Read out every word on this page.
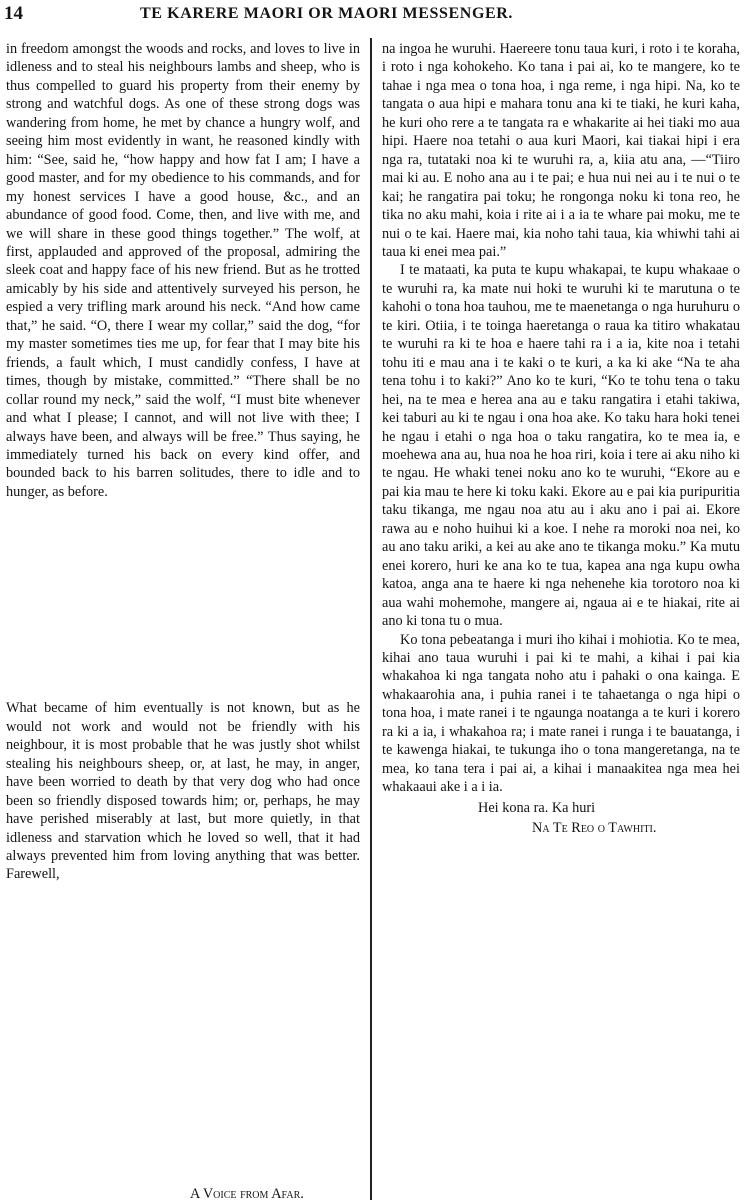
14	TE KARERE MAORI OR MAORI MESSENGER.

in freedom amongst the woods and rocks, and loves to live in idleness and to steal his neighbours lambs and sheep, who is thus compelled to guard his property from their enemy by strong and watchful dogs. As one of these strong dogs was wandering from home, he met by chance a hungry wolf, and seeing him most evidently in want, he reasoned kindly with him: “See, said he, “how happy and how fat I am; I have a good master, and for my obedience to his commands, and for my honest services I have a good house, &c., and an abundance of good food. Come, then, and live with me, and we will share in these good things together.” The wolf, at first, applauded and approved of the proposal, admiring the sleek coat and happy face of his new friend. But as he trotted amicably by his side and attentively surveyed his person, he espied a very trifling mark around his neck. “And how came that,” he said. “O, there I wear my collar,” said the dog, “for my master sometimes ties me up, for fear that I may bite his friends, a fault which, I must candidly confess, I have at times, though by mistake, committed.” “There shall be no collar round my neck,” said the wolf, “I must bite whenever and what I please; I cannot, and will not live with thee; I always have been, and always will be free.” Thus saying, he immediately turned his back on every kind offer, and bounded back to his barren solitudes, there to idle and to hunger, as before.

What became of him eventually is not known, but as he would not work and would not be friendly with his neighbour, it is most probable that he was justly shot whilst stealing his neighbours sheep, or, at last, he may, in anger, have been worried to death by that very dog who had once been so friendly disposed towards him; or, perhaps, he may have perished miserably at last, but more quietly, in that idleness and starvation which he loved so well, that it had always prevented him from loving anything that was better. Farewell,

na ingoa he wuruhi. Haereere tonu taua kuri, i roto i te koraha, i roto i nga kohokeho. Ko tana i pai ai, ko te mangere, ko te tahae i nga mea o tona hoa, i nga reme, i nga hipi. Na, ko te tangata o aua hipi e mahara tonu ana ki te tiaki, he kuri kaha, he kuri oho rere a te tangata ra e whakarite ai hei tiaki mo aua hipi. Haere noa tetahi o aua kuri Maori, kai tiakai hipi i era nga ra, tutataki noa ki te wuruhi ra, a, kiia atu ana, —“Tiiro mai ki au. E noho ana au i te pai; e hua nui nei au i te nui o te kai; he rangatira pai toku; he rongonga noku ki tona reo, he tika no aku mahi, koia i rite ai i a ia te whare pai moku, me te nui o te kai. Haere mai, kia noho tahi taua, kia whiwhi tahi ai taua ki enei mea pai.”

I te mataati, ka puta te kupu whakapai, te kupu whakaae o te wuruhi ra, ka mate nui hoki te wuruhi ki te marutuna o te kahohi o tona hoa tauhou, me te maenetanga o nga huruhuru o te kiri. Otiia, i te toinga haeretanga o raua ka titiro whakatau te wuruhi ra ki te hoa e haere tahi ra i a ia, kite noa i tetahi tohu iti e mau ana i te kaki o te kuri, a ka ki ake “Na te aha tena tohu i to kaki?” Ano ko te kuri, “Ko te tohu tena o taku hei, na te mea e herea ana au e taku rangatira i etahi takiwa, kei taburi au ki te ngau i ona hoa ake. Ko taku hara hoki tenei he ngau i etahi o nga hoa o taku rangatira, ko te mea ia, e moehewa ana au, hua noa he hoa riri, koia i tere ai aku niho ki te ngau. He whaki tenei noku ano ko te wuruhi, “Ekore au e pai kia mau te here ki toku kaki. Ekore au e pai kia puripuritia taku tikanga, me ngau noa atu au i aku ano i pai ai. Ekore rawa au e noho huihui ki a koe. I nehe ra moroki noa nei, ko au ano taku ariki, a kei au ake ano te tikanga moku.” Ka mutu enei korero, huri ke ana ko te tua, kapea ana nga kupu owha katoa, anga ana te haere ki nga nehenehe kia torotoro noa ki aua wahi mohemohe, mangere ai, ngaua ai e te hiakai, rite ai ano ki tona tu o mua.

Ko tona pebeatanga i muri iho kihai i mohiotia. Ko te mea, kihai ano taua wuruhi i pai ki te mahi, a kihai i pai kia whakahoa ki nga tangata noho atu i pahaki o ona kainga. E whakaarohia ana, i puhia ranei i te tahaetanga o nga hipi o tona hoa, i mate ranei i te ngaunga noatanga a te kuri i korero ra ki a ia, i whakahoa ra; i mate ranei i runga i te bauatanga, i te kawenga hiakai, te tukunga iho o tona mangeretanga, na te mea, ko tana tera i pai ai, a kihai i manaakitea nga mea hei whakaaui ake i a i ia.

Hei kona ra. Ka huri
Na Te Reo o Tawhiti.
A Voice from Afar.
